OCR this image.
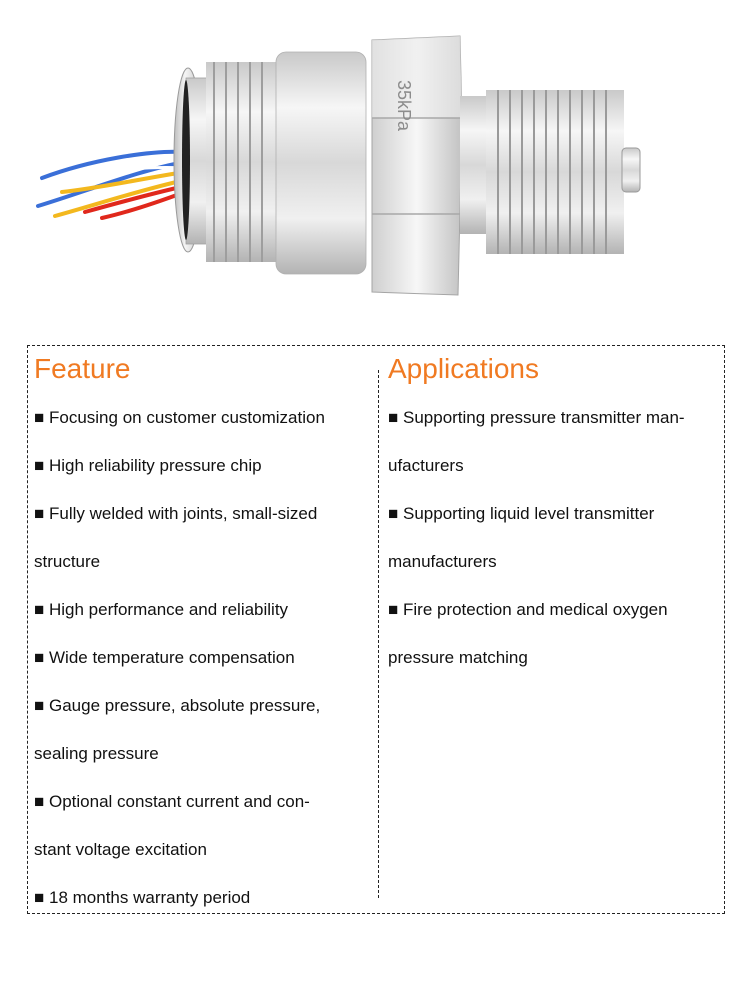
35kPa
Feature
■ Focusing on customer customization
■ High reliability pressure chip
■ Fully welded with joints, small-sized
structure
■ High performance and reliability
■ Wide temperature compensation
■ Gauge pressure, absolute pressure,
sealing pressure
■ Optional constant current and con-
stant voltage excitation
■ 18 months warranty period
Applications
■ Supporting pressure transmitter man-
ufacturers
■ Supporting liquid level transmitter
manufacturers
■ Fire protection and medical oxygen
pressure matching
